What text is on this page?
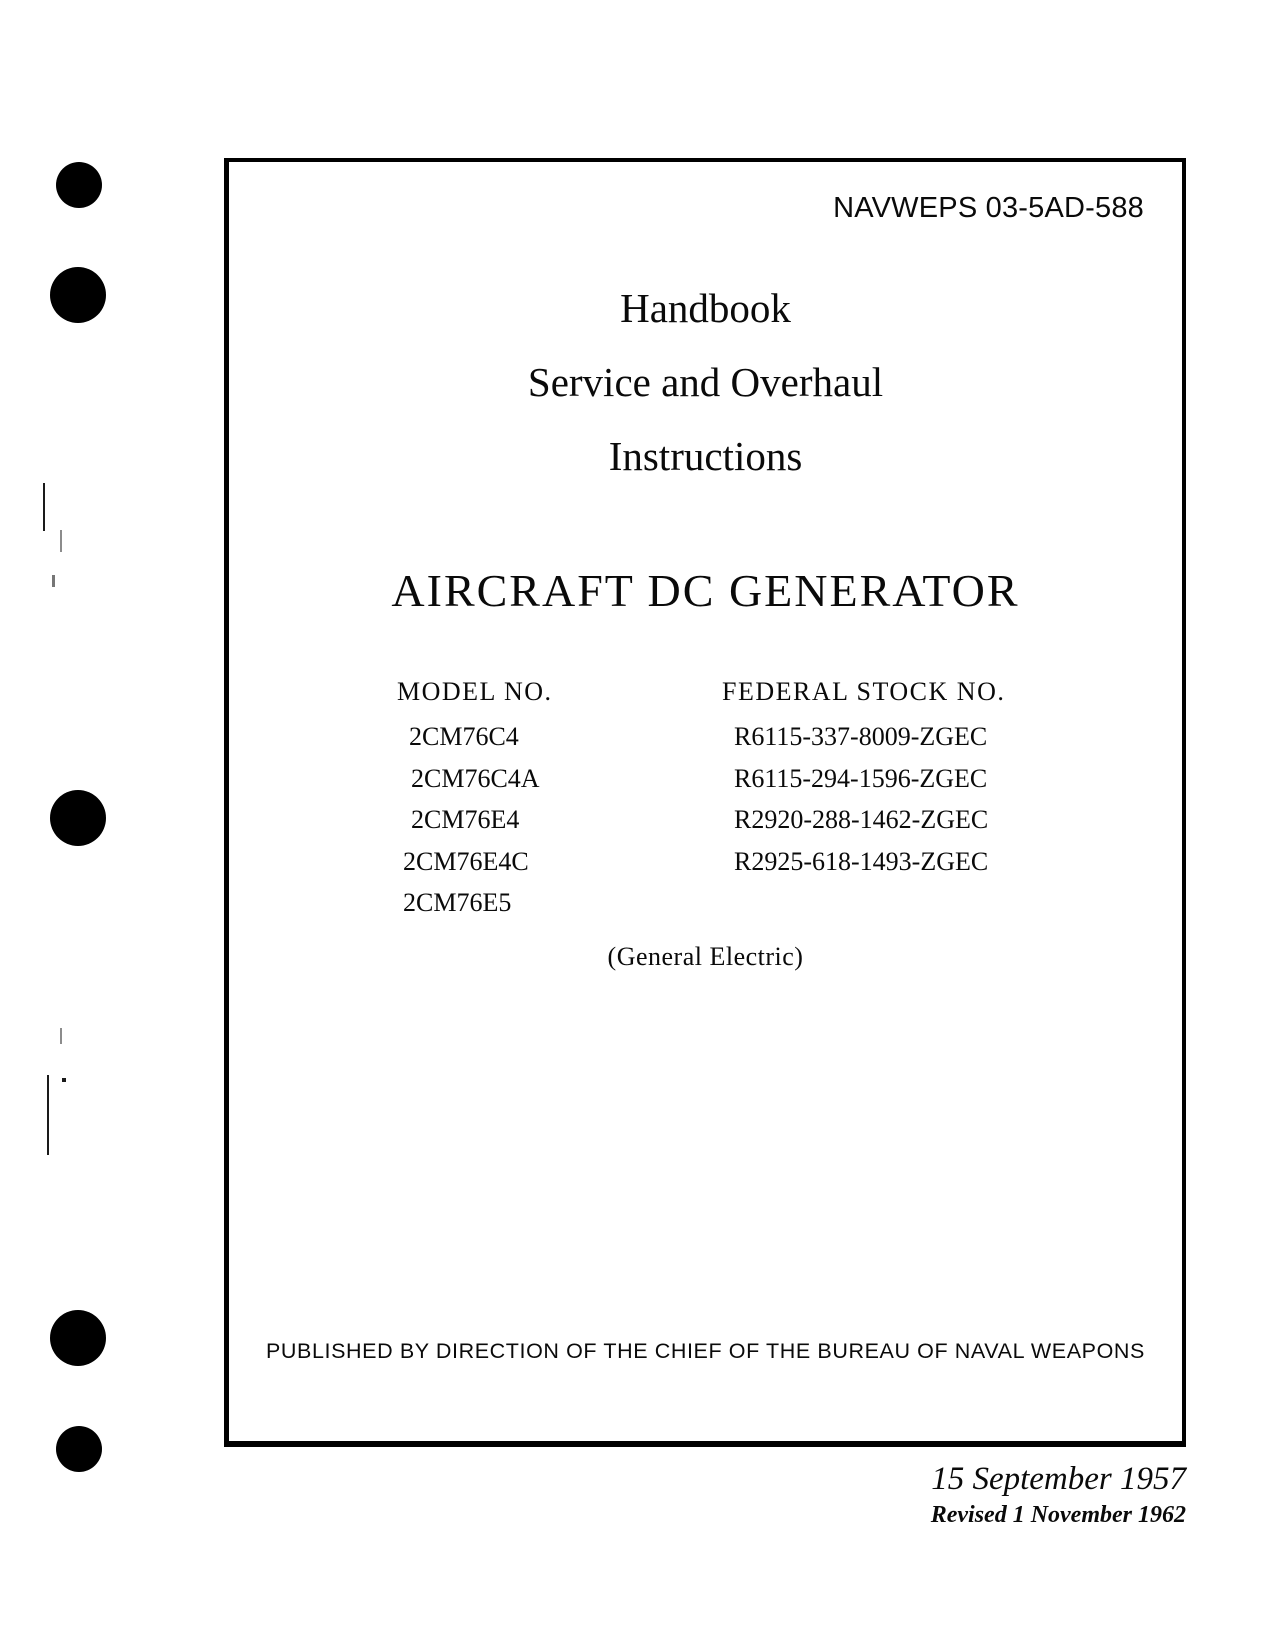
NAVWEPS 03-5AD-588
Handbook
Service and Overhaul
Instructions
AIRCRAFT DC GENERATOR
MODEL NO.
2CM76C4
2CM76C4A
2CM76E4
2CM76E4C
2CM76E5
FEDERAL STOCK NO.
R6115-337-8009-ZGEC
R6115-294-1596-ZGEC
R2920-288-1462-ZGEC
R2925-618-1493-ZGEC
(General Electric)
PUBLISHED BY DIRECTION OF THE CHIEF OF THE BUREAU OF NAVAL WEAPONS
15 September 1957
Revised 1 November 1962
